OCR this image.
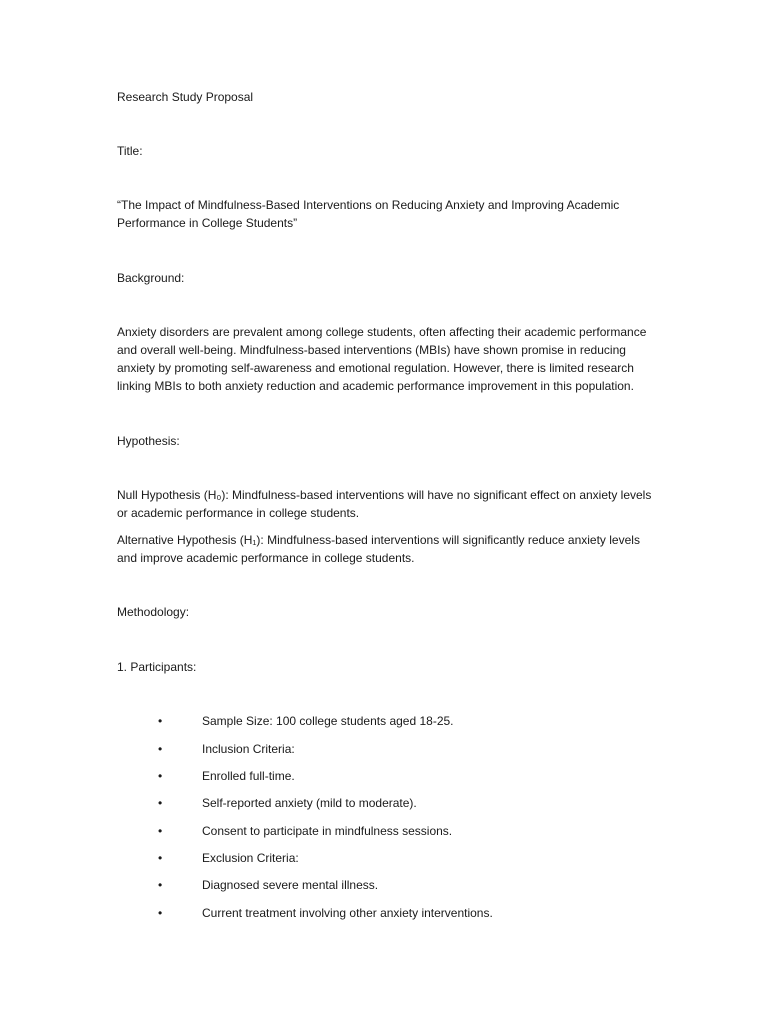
Research Study Proposal
Title:
“The Impact of Mindfulness-Based Interventions on Reducing Anxiety and Improving Academic
Performance in College Students”
Background:
Anxiety disorders are prevalent among college students, often affecting their academic performance
and overall well-being. Mindfulness-based interventions (MBIs) have shown promise in reducing
anxiety by promoting self-awareness and emotional regulation. However, there is limited research
linking MBIs to both anxiety reduction and academic performance improvement in this population.
Hypothesis:
Null Hypothesis (H₀): Mindfulness-based interventions will have no significant effect on anxiety levels
or academic performance in college students.
Alternative Hypothesis (H₁): Mindfulness-based interventions will significantly reduce anxiety levels
and improve academic performance in college students.
Methodology:
1. Participants:
•	Sample Size: 100 college students aged 18-25.
•	Inclusion Criteria:
•	Enrolled full-time.
•	Self-reported anxiety (mild to moderate).
•	Consent to participate in mindfulness sessions.
•	Exclusion Criteria:
•	Diagnosed severe mental illness.
•	Current treatment involving other anxiety interventions.
